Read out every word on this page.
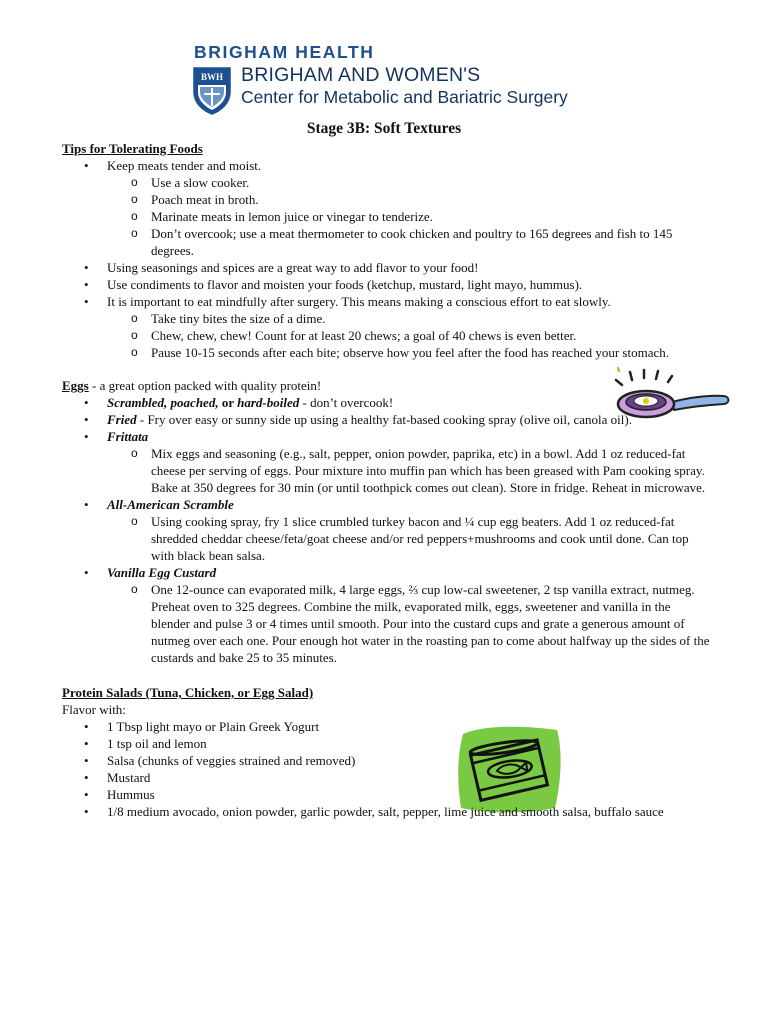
BRIGHAM HEALTH
BWH BRIGHAM AND WOMEN'S
Center for Metabolic and Bariatric Surgery
Stage 3B: Soft Textures
Tips for Tolerating Foods
• Keep meats tender and moist.
o Use a slow cooker.
o Poach meat in broth.
o Marinate meats in lemon juice or vinegar to tenderize.
o Don’t overcook; use a meat thermometer to cook chicken and poultry to 165 degrees and fish to 145 degrees.
• Using seasonings and spices are a great way to add flavor to your food!
• Use condiments to flavor and moisten your foods (ketchup, mustard, light mayo, hummus).
• It is important to eat mindfully after surgery. This means making a conscious effort to eat slowly.
o Take tiny bites the size of a dime.
o Chew, chew, chew! Count for at least 20 chews; a goal of 40 chews is even better.
o Pause 10-15 seconds after each bite; observe how you feel after the food has reached your stomach.
Eggs - a great option packed with quality protein!
• Scrambled, poached, or hard-boiled - don’t overcook!
• Fried - Fry over easy or sunny side up using a healthy fat-based cooking spray (olive oil, canola oil).
• Frittata
o Mix eggs and seasoning (e.g., salt, pepper, onion powder, paprika, etc) in a bowl. Add 1 oz reduced-fat cheese per serving of eggs. Pour mixture into muffin pan which has been greased with Pam cooking spray. Bake at 350 degrees for 30 min (or until toothpick comes out clean). Store in fridge. Reheat in microwave.
• All-American Scramble
o Using cooking spray, fry 1 slice crumbled turkey bacon and ¼ cup egg beaters. Add 1 oz reduced-fat shredded cheddar cheese/feta/goat cheese and/or red peppers+mushrooms and cook until done. Can top with black bean salsa.
• Vanilla Egg Custard
o One 12-ounce can evaporated milk, 4 large eggs, ⅔ cup low-cal sweetener, 2 tsp vanilla extract, nutmeg. Preheat oven to 325 degrees. Combine the milk, evaporated milk, eggs, sweetener and vanilla in the blender and pulse 3 or 4 times until smooth. Pour into the custard cups and grate a generous amount of nutmeg over each one. Pour enough hot water in the roasting pan to come about halfway up the sides of the custards and bake 25 to 35 minutes.
Protein Salads (Tuna, Chicken, or Egg Salad)
Flavor with:
• 1 Tbsp light mayo or Plain Greek Yogurt
• 1 tsp oil and lemon
• Salsa (chunks of veggies strained and removed)
• Mustard
• Hummus
• 1/8 medium avocado, onion powder, garlic powder, salt, pepper, lime juice and smooth salsa, buffalo sauce
